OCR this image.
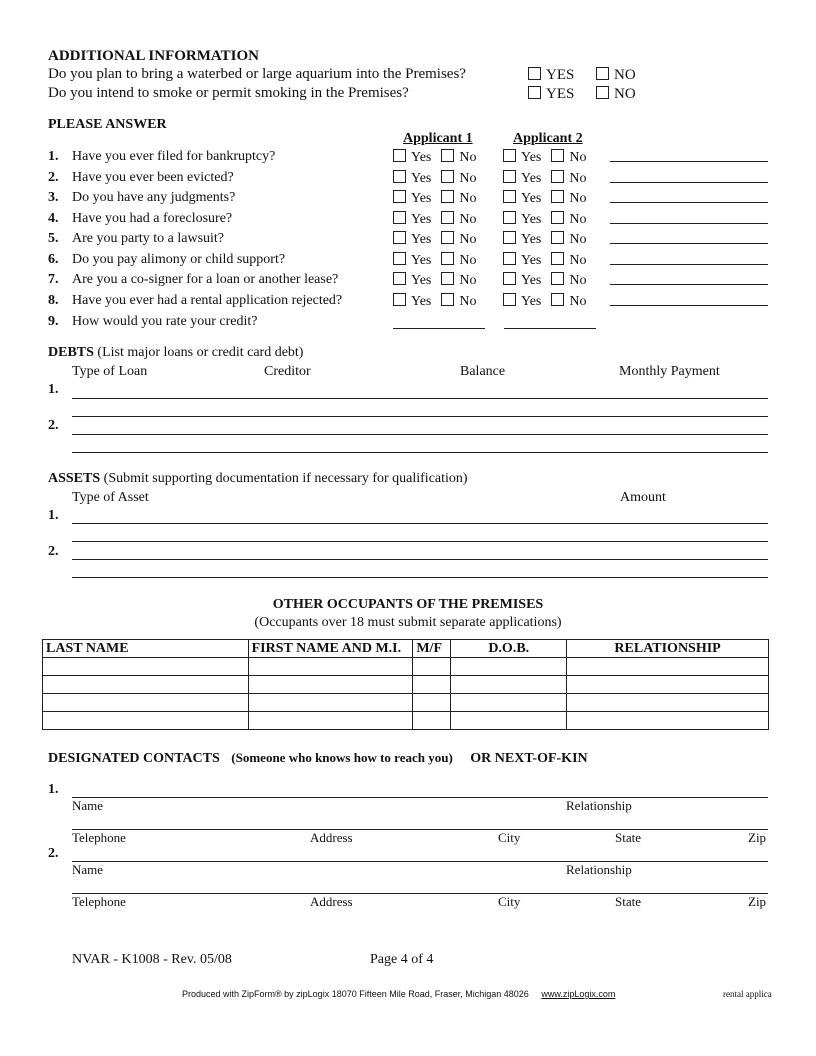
ADDITIONAL INFORMATION
Do you plan to bring a waterbed or large aquarium into the Premises?
Do you intend to smoke or permit smoking in the Premises?
YES	NO
YES	NO
PLEASE ANSWER
Applicant 1	Applicant 2
1. Have you ever filed for bankruptcy?	Yes No	Yes No
2. Have you ever been evicted?	Yes No	Yes No
3. Do you have any judgments?	Yes No	Yes No
4. Have you had a foreclosure?	Yes No	Yes No
5. Are you party to a lawsuit?	Yes No	Yes No
6. Do you pay alimony or child support?	Yes No	Yes No
7. Are you a co-signer for a loan or another lease?	Yes No	Yes No
8. Have you ever had a rental application rejected?	Yes No	Yes No
9. How would you rate your credit?
DEBTS (List major loans or credit card debt)
Type of Loan	Creditor	Balance	Monthly Payment
1.
2.
ASSETS (Submit supporting documentation if necessary for qualification)
Type of Asset	Amount
1.
2.
OTHER OCCUPANTS OF THE PREMISES
(Occupants over 18 must submit separate applications)
LAST NAME	FIRST NAME AND M.I.	M/F	D.O.B.	RELATIONSHIP

DESIGNATED CONTACTS (Someone who knows how to reach you) OR NEXT-OF-KIN
1.
Name	Relationship
Telephone	Address	City	State	Zip
2.
Name	Relationship
Telephone	Address	City	State	Zip
NVAR - K1008 - Rev. 05/08	Page 4 of 4
Produced with ZipForm® by zipLogix 18070 Fifteen Mile Road, Fraser, Michigan 48026 www.zipLogix.com	rental applica
